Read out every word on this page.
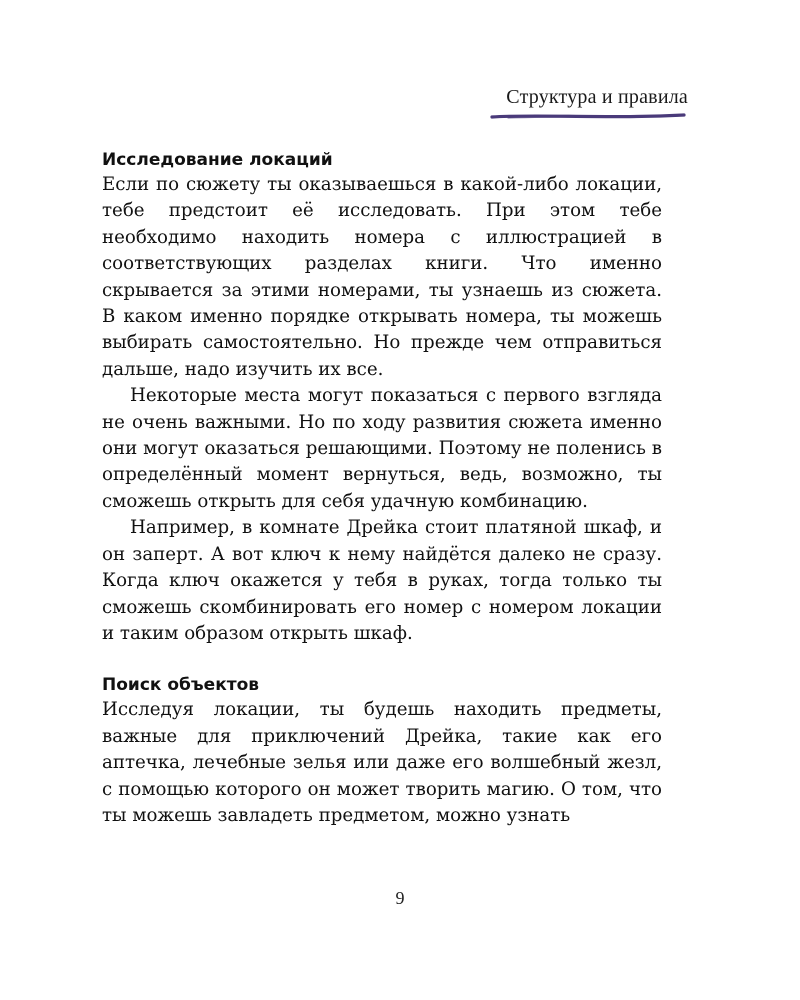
Структура и правила
Исследование локаций

Если по сюжету ты оказываешься в какой-либо локации, тебе предстоит её исследовать. При этом тебе необходимо находить номера с иллюстрацией в соответствующих разделах книги. Что именно скрывается за этими номерами, ты узнаешь из сюжета. В каком именно порядке открывать номера, ты можешь выбирать самостоятельно. Но прежде чем отправиться дальше, надо изучить их все.

Некоторые места могут показаться с первого взгляда не очень важными. Но по ходу развития сюжета именно они могут оказаться решающими. Поэтому не поленись в определённый момент вернуться, ведь, возможно, ты сможешь открыть для себя удачную комбинацию.

Например, в комнате Дрейка стоит платяной шкаф, и он заперт. А вот ключ к нему найдётся далеко не сразу. Когда ключ окажется у тебя в руках, тогда только ты сможешь скомбинировать его номер с номером локации и таким образом открыть шкаф.

Поиск объектов

Исследуя локации, ты будешь находить предметы, важные для приключений Дрейка, такие как его аптечка, лечебные зелья или даже его волшебный жезл, с помощью которого он может творить магию. О том, что ты можешь завладеть предметом, можно узнать

9
